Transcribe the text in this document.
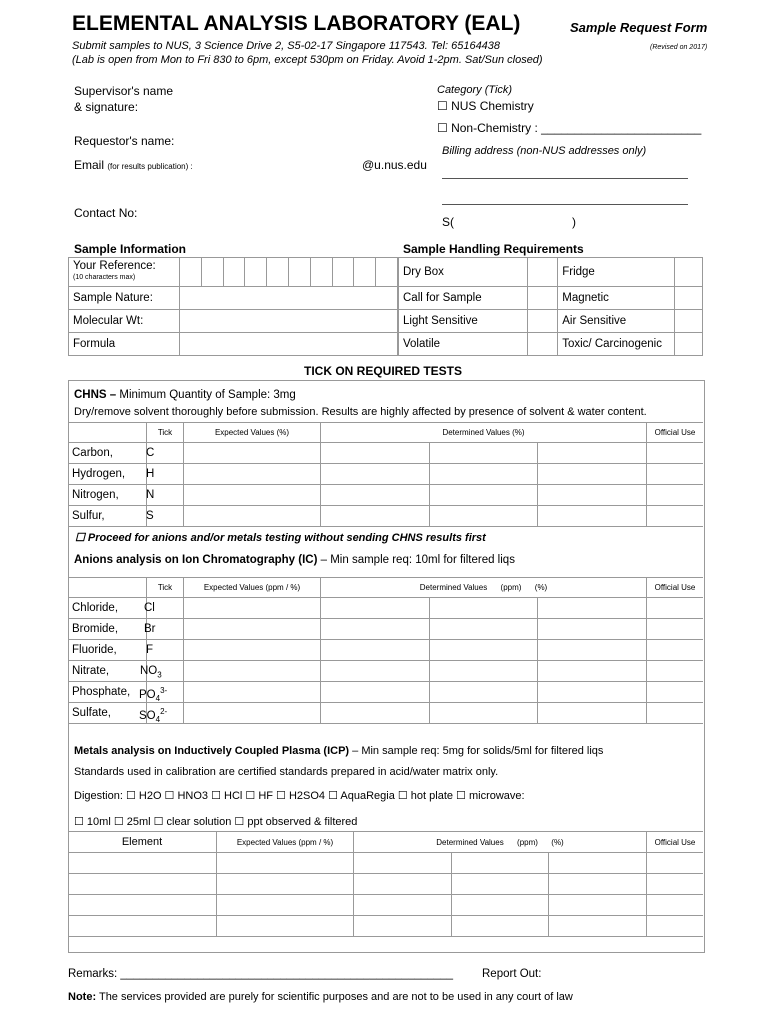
ELEMENTAL ANALYSIS LABORATORY (EAL)	Sample Request Form
Submit samples to NUS, 3 Science Drive 2, S5-02-17 Singapore 117543. Tel: 65164438	(Revised on 2017)
(Lab is open from Mon to Fri 830 to 6pm, except 530pm on Friday. Avoid 1-2pm. Sat/Sun closed)
Supervisor's name
& signature:
Requestor's name:
Email (for results publication) :	@u.nus.edu
Contact No:
Category (Tick)
☐ NUS Chemistry
☐ Non-Chemistry : ________________________
Billing address (non-NUS addresses only)
S(	)
Sample Information	Sample Handling Requirements
Your Reference:
(10 characters max)										

Sample Nature:										
Molecular Wt:										
Formula										
Dry Box		Fridge	
Call for Sample		Magnetic	
Light Sensitive		Air Sensitive	
Volatile		Toxic/ Carcinogenic	
TICK ON REQUIRED TESTS
CHNS – Minimum Quantity of Sample: 3mg
Dry/remove solvent thoroughly before submission. Results are highly affected by presence of solvent & water content.
	Tick	Expected Values (%)	Determined Values (%)			Official Use
Carbon, C						

Hydrogen, H						

Nitrogen, N						

Sulfur, S						

☐ Proceed for anions and/or metals testing without sending CHNS results first
Anions analysis on Ion Chromatography (IC) – Min sample req: 10ml for filtered liqs
	Tick	Expected Values (ppm / %)	Determined Values (ppm) (%)			Official Use
Chloride, Cl						

Bromide, Br						

Fluoride, F						

Nitrate, $NO_3$

Phosphate, $PO_4^{3-}$

Sulfate, $SO_4^{2-}$

Metals analysis on Inductively Coupled Plasma (ICP) – Min sample req: 5mg for solids/5ml for filtered liqs
Standards used in calibration are certified standards prepared in acid/water matrix only.
Digestion: ☐ H2O ☐ HNO3 ☐ HCl ☐ HF ☐ H2SO4 ☐ AquaRegia ☐ hot plate ☐ microwave:
☐ 10ml ☐ 25ml ☐ clear solution ☐ ppt observed & filtered
Element	Expected Values (ppm / %)	Determined Values (ppm) (%)			Official Use

Remarks: ____________________________________________________	Report Out:
Note: The services provided are purely for scientific purposes and are not to be used in any court of law
